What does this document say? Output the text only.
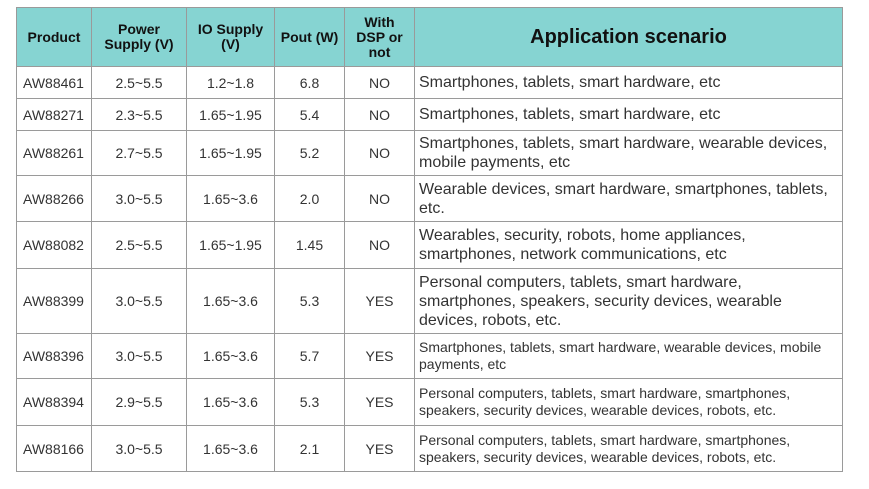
Product	Power Supply (V)	IO Supply (V)	Pout (W)	With DSP or not	Application scenario
AW88461	2.5~5.5	1.2~1.8	6.8	NO	Smartphones, tablets, smart hardware, etc
AW88271	2.3~5.5	1.65~1.95	5.4	NO	Smartphones, tablets, smart hardware, etc
AW88261	2.7~5.5	1.65~1.95	5.2	NO	Smartphones, tablets, smart hardware, wearable devices, mobile payments, etc
AW88266	3.0~5.5	1.65~3.6	2.0	NO	Wearable devices, smart hardware, smartphones, tablets, etc.
AW88082	2.5~5.5	1.65~1.95	1.45	NO	Wearables, security, robots, home appliances, smartphones, network communications, etc
AW88399	3.0~5.5	1.65~3.6	5.3	YES	Personal computers, tablets, smart hardware, smartphones, speakers, security devices, wearable devices, robots, etc.
AW88396	3.0~5.5	1.65~3.6	5.7	YES	Smartphones, tablets, smart hardware, wearable devices, mobile payments, etc
AW88394	2.9~5.5	1.65~3.6	5.3	YES	Personal computers, tablets, smart hardware, smartphones, speakers, security devices, wearable devices, robots, etc.
AW88166	3.0~5.5	1.65~3.6	2.1	YES	Personal computers, tablets, smart hardware, smartphones, speakers, security devices, wearable devices, robots, etc.
